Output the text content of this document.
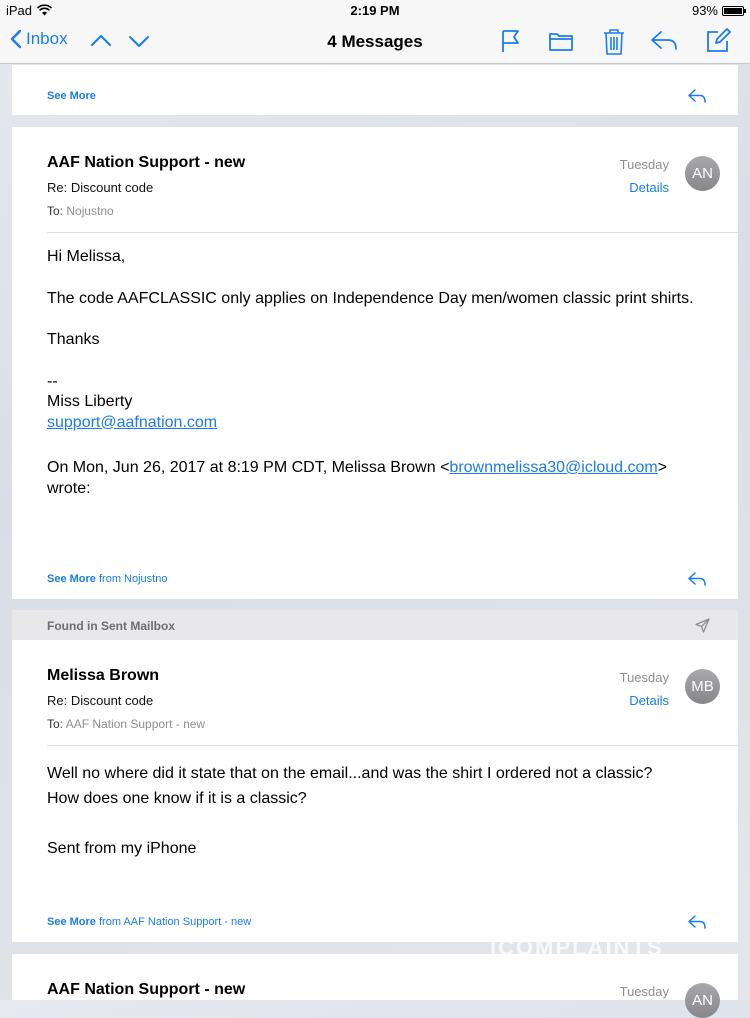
iPad	2:19 PM	93%
Inbox	4 Messages
See More
AAF Nation Support - new
Re: Discount code
To: Nojustno
Tuesday
Details
AN
Hi Melissa,
The code AAFCLASSIC only applies on Independence Day men/women classic print shirts.
Thanks
--
Miss Liberty
support@aafnation.com
On Mon, Jun 26, 2017 at 8:19 PM CDT, Melissa Brown <brownmelissa30@icloud.com>
wrote:
See More from Nojustno
Found in Sent Mailbox
Melissa Brown
Re: Discount code
To: AAF Nation Support - new
Tuesday
Details
MB
Well no where did it state that on the email...and was the shirt I ordered not a classic?
How does one know if it is a classic?
Sent from my iPhone
See More from AAF Nation Support - new
AAF Nation Support - new	Tuesday
AN
ICOMPLAINTS
